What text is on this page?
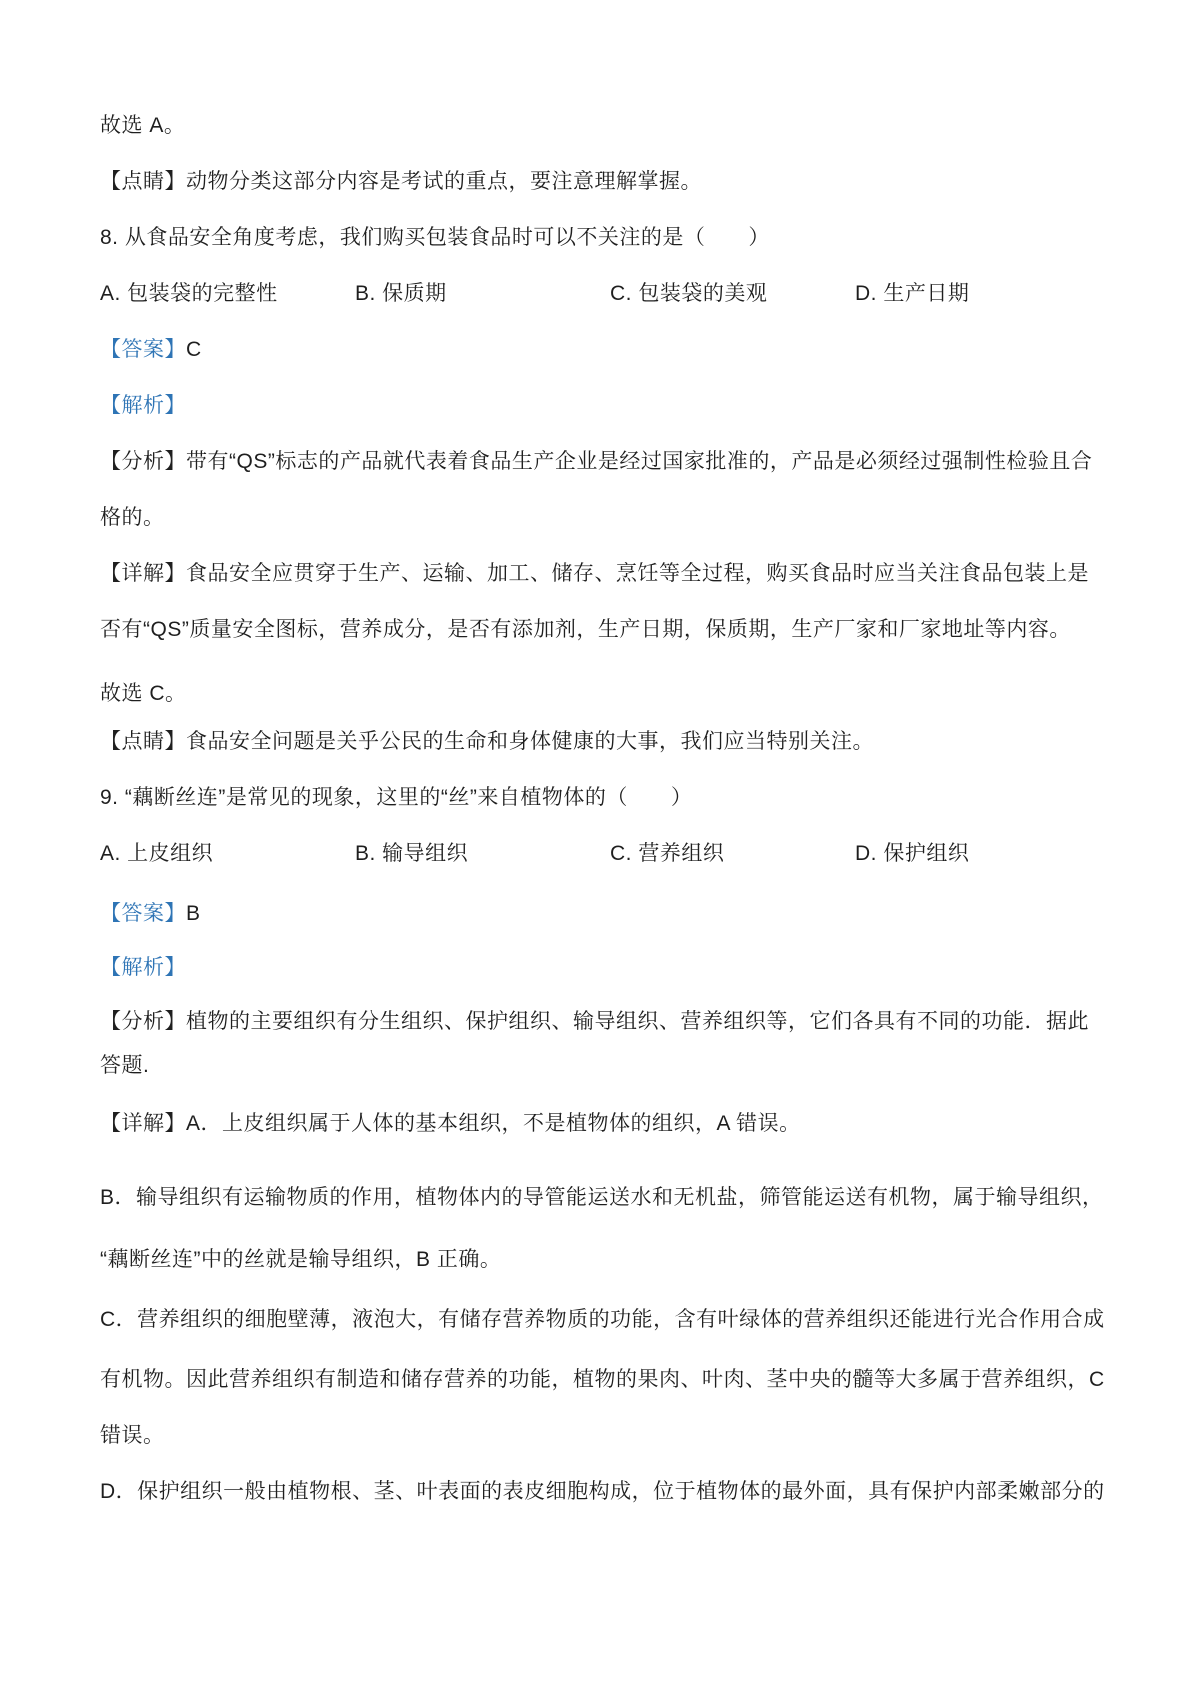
故选 A。
【点睛】动物分类这部分内容是考试的重点，要注意理解掌握。
8. 从食品安全角度考虑，我们购买包装食品时可以不关注的是（　　）
A. 包装袋的完整性	B. 保质期	C. 包装袋的美观	D. 生产日期
【答案】C
【解析】
【分析】带有“QS”标志的产品就代表着食品生产企业是经过国家批准的，产品是必须经过强制性检验且合
格的。
【详解】食品安全应贯穿于生产、运输、加工、储存、烹饪等全过程，购买食品时应当关注食品包装上是
否有“QS”质量安全图标，营养成分，是否有添加剂，生产日期，保质期，生产厂家和厂家地址等内容。
故选 C。
【点睛】食品安全问题是关乎公民的生命和身体健康的大事，我们应当特别关注。
9. “藕断丝连”是常见的现象，这里的“丝”来自植物体的（　　）
A. 上皮组织	B. 输导组织	C. 营养组织	D. 保护组织
【答案】B
【解析】
【分析】植物的主要组织有分生组织、保护组织、输导组织、营养组织等，它们各具有不同的功能．据此
答题.
【详解】A．上皮组织属于人体的基本组织，不是植物体的组织，A 错误。
B．输导组织有运输物质的作用，植物体内的导管能运送水和无机盐，筛管能运送有机物，属于输导组织，
“藕断丝连”中的丝就是输导组织，B 正确。
C．营养组织的细胞壁薄，液泡大，有储存营养物质的功能，含有叶绿体的营养组织还能进行光合作用合成
有机物。因此营养组织有制造和储存营养的功能，植物的果肉、叶肉、茎中央的髓等大多属于营养组织，C
错误。
D．保护组织一般由植物根、茎、叶表面的表皮细胞构成，位于植物体的最外面，具有保护内部柔嫩部分的
